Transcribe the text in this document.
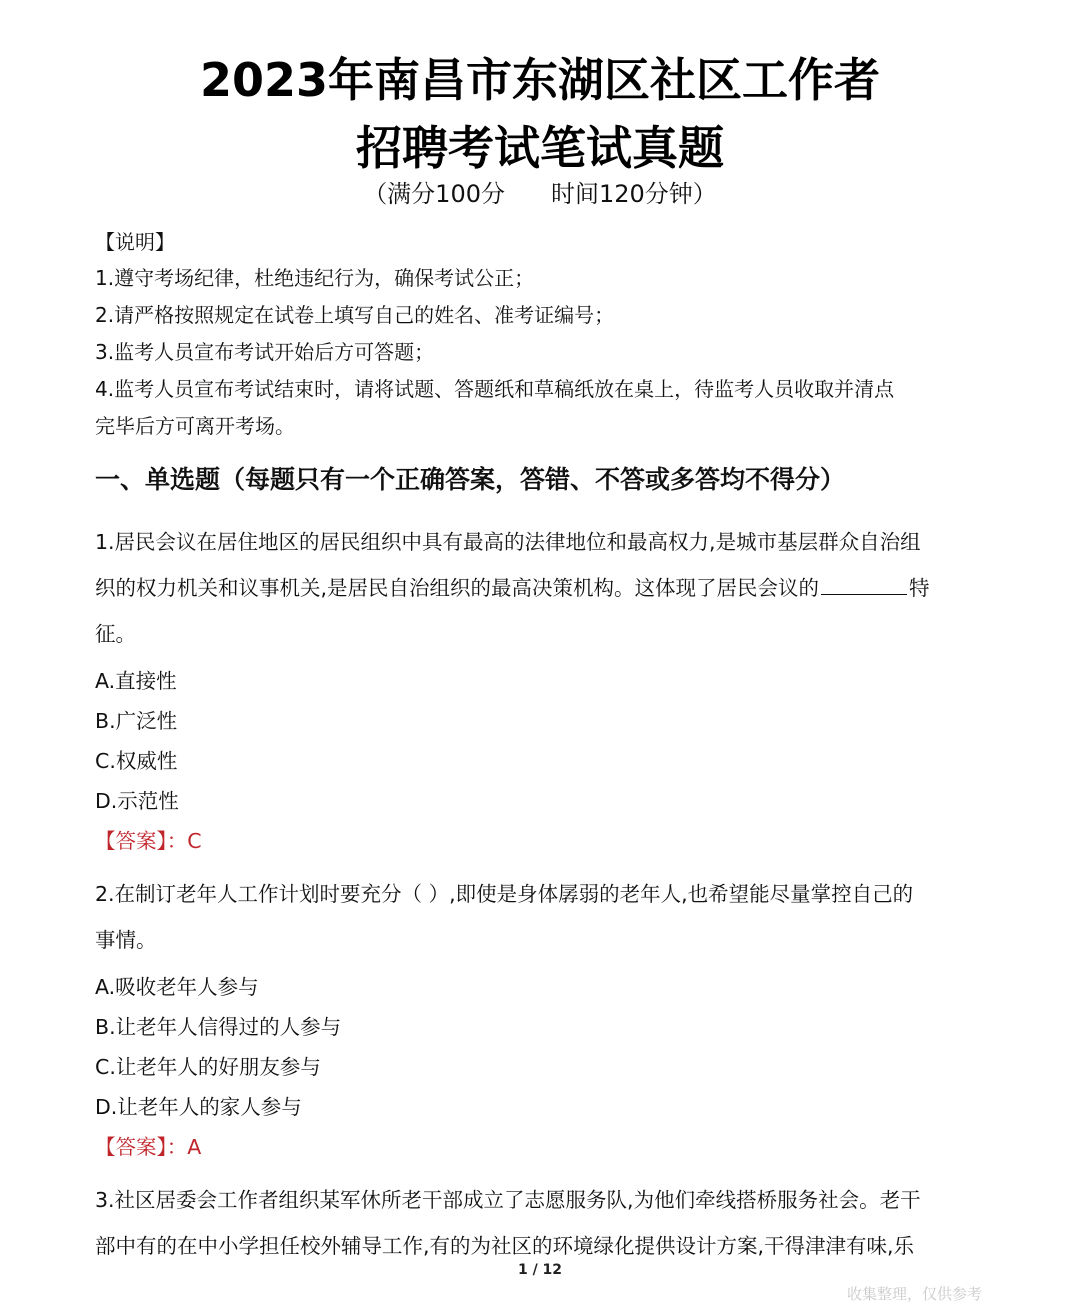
2023年南昌市东湖区社区工作者
招聘考试笔试真题
（满分100分 时间120分钟）
【说明】
1.遵守考场纪律，杜绝违纪行为，确保考试公正；
2.请严格按照规定在试卷上填写自己的姓名、准考证编号；
3.监考人员宣布考试开始后方可答题；
4.监考人员宣布考试结束时，请将试题、答题纸和草稿纸放在桌上，待监考人员收取并清点
完毕后方可离开考场。
一、单选题（每题只有一个正确答案，答错、不答或多答均不得分）
1.居民会议在居住地区的居民组织中具有最高的法律地位和最高权力,是城市基层群众自治组
织的权力机关和议事机关,是居民自治组织的最高决策机构。这体现了居民会议的	特
征。
A.直接性
B.广泛性
C.权威性
D.示范性
【答案】：C
2.在制订老年人工作计划时要充分（ ）,即使是身体孱弱的老年人,也希望能尽量掌控自己的
事情。
A.吸收老年人参与
B.让老年人信得过的人参与
C.让老年人的好朋友参与
D.让老年人的家人参与
【答案】：A
3.社区居委会工作者组织某军休所老干部成立了志愿服务队,为他们牵线搭桥服务社会。老干
部中有的在中小学担任校外辅导工作,有的为社区的环境绿化提供设计方案,干得津津有味,乐
1 / 12
收集整理，仅供参考
